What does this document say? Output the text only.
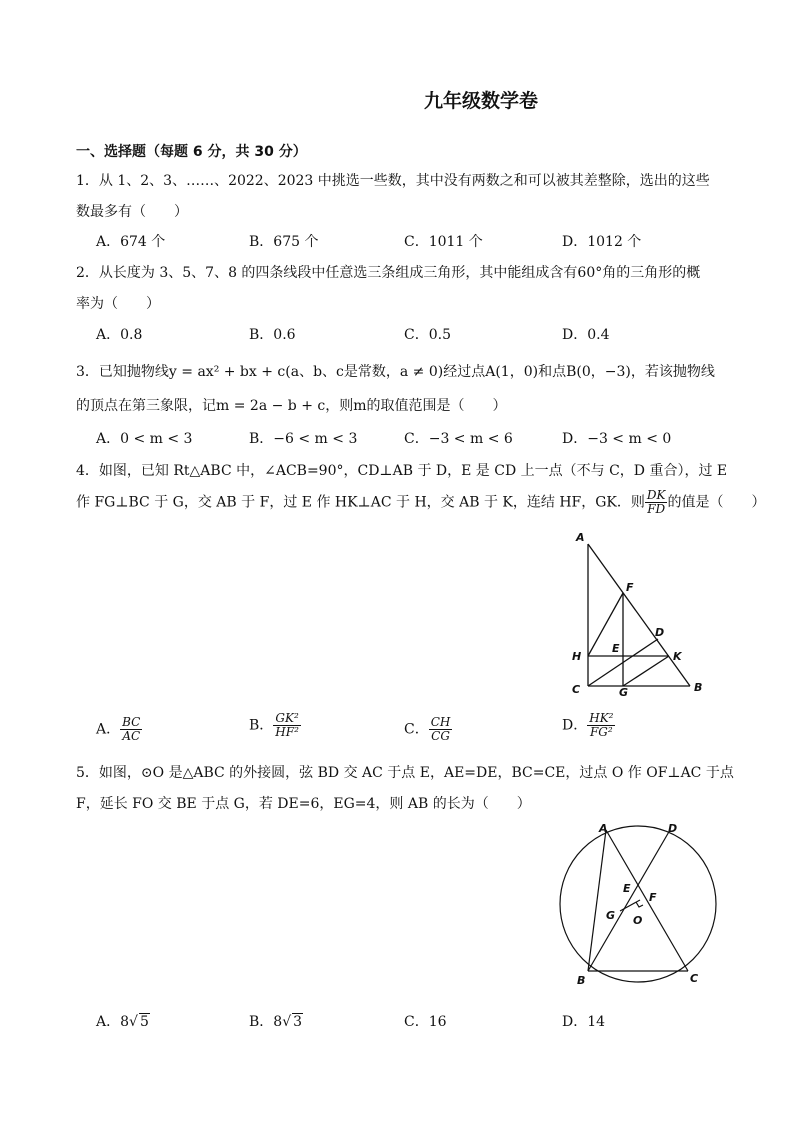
九年级数学卷
一、选择题（每题 6 分，共 30 分）
1．从 1、2、3、……、2022、2023 中挑选一些数，其中没有两数之和可以被其差整除，选出的这些
数最多有（　　）
A．674 个	B．675 个	C．1011 个	D．1012 个
2．从长度为 3、5、7、8 的四条线段中任意选三条组成三角形，其中能组成含有60°角的三角形的概
率为（　　）
A．0.8	B．0.6	C．0.5	D．0.4
3．已知抛物线y = ax² + bx + c(a、b、c是常数，a ≠ 0)经过点A(1，0)和点B(0，−3)，若该抛物线
的顶点在第三象限，记m = 2a − b + c，则m的取值范围是（　　）
A．0 < m < 3	B．−6 < m < 3	C．−3 < m < 6	D．−3 < m < 0
4．如图，已知 Rt△ABC 中，∠ACB=90°，CD⊥AB 于 D，E 是 CD 上一点（不与 C，D 重合），过 E
作 FG⊥BC 于 G，交 AB 于 F，过 E 作 HK⊥AC 于 H，交 AB 于 K，连结 HF，GK．则 $\frac{DK}{FD}$ 的值是（　　）
A
F
D
H
E
K
C	G	B
A． $\frac{BC}{AC}$	B． $\frac{\text{GK²}}{\text{HF²}}$	C． $\frac{CH}{CG}$	D． $\frac{\text{HK²}}{\text{FG²}}$
5．如图，⊙O 是△ABC 的外接圆，弦 BD 交 AC 于点 E，AE=DE，BC=CE，过点 O 作 OF⊥AC 于点
F，延长 FO 交 BE 于点 G，若 DE=6，EG=4，则 AB 的长为（　　）
A	D
E
F
G O
B	C
A．8√ 5	B．8√ 3	C．16	D．14
